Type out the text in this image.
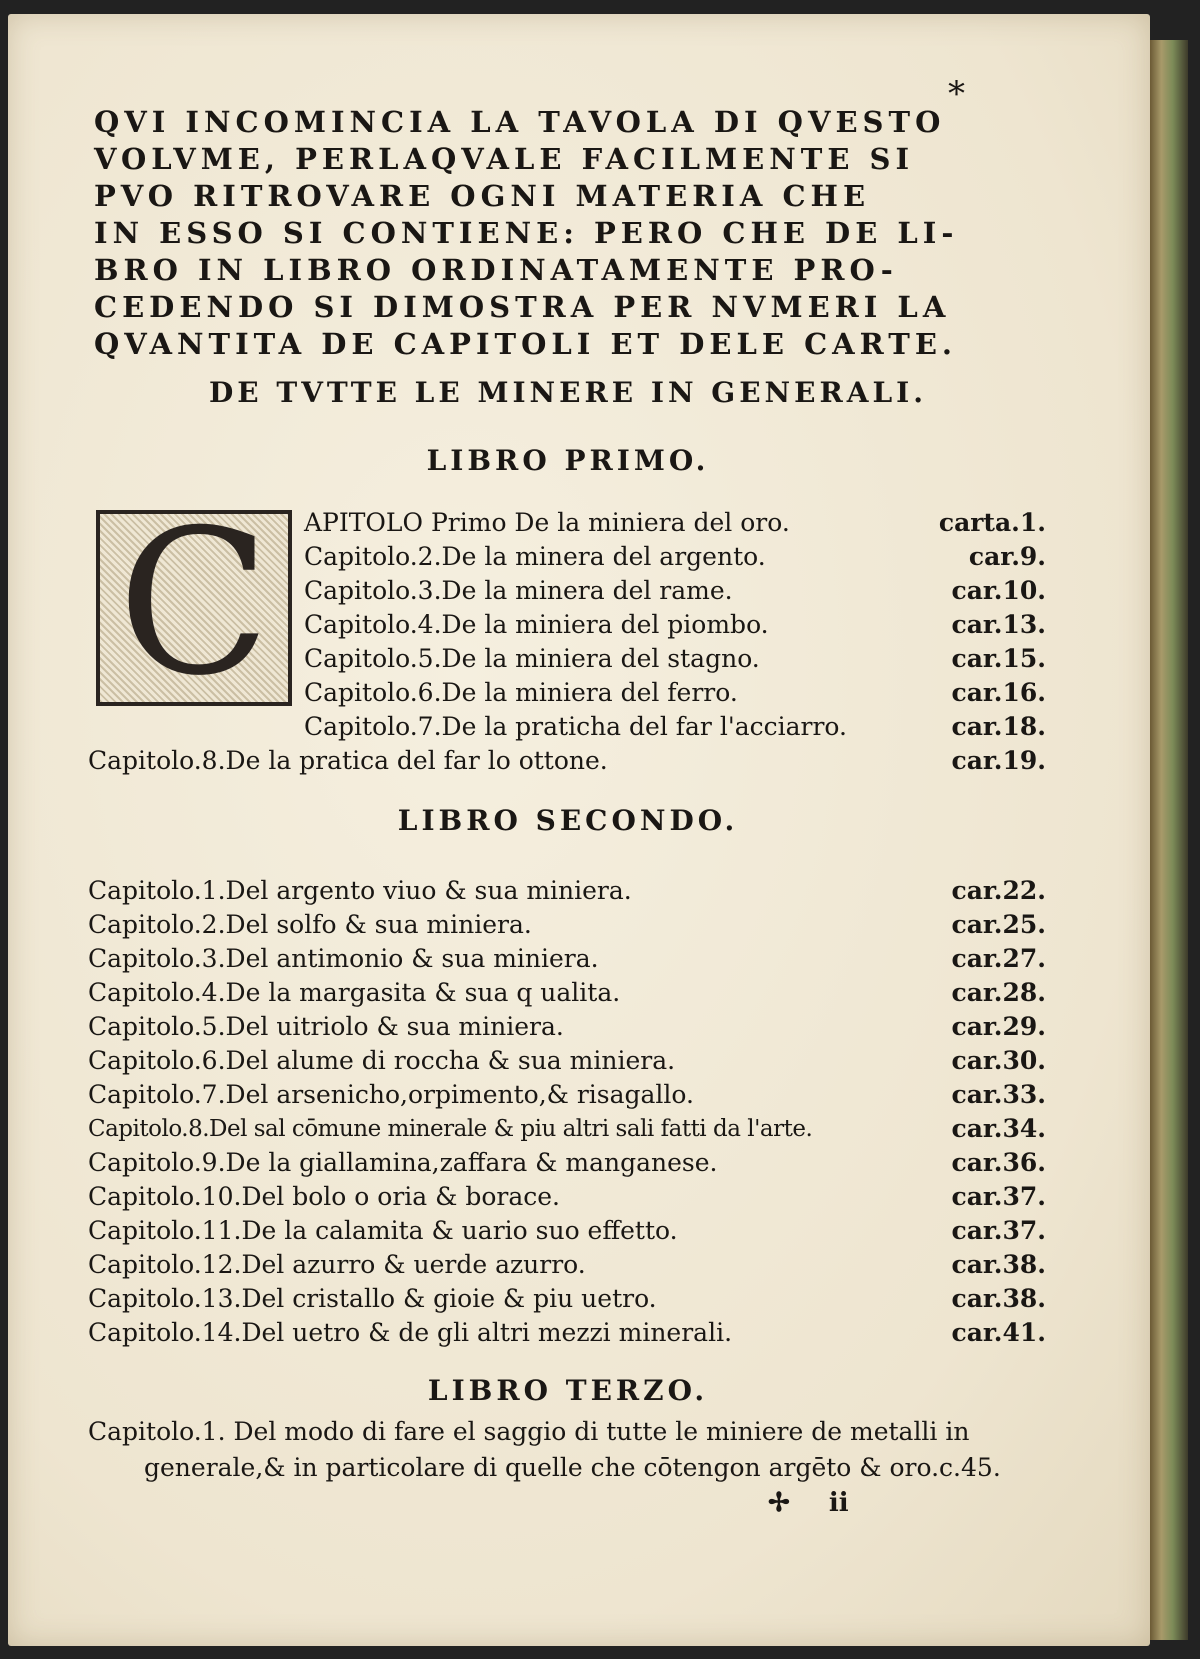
*
QVI INCOMINCIA LA TAVOLA DI QVESTO
VOLVME, PERLAQVALE FACILMENTE SI
PVO RITROVARE OGNI MATERIA CHE
IN ESSO SI CONTIENE: PERO CHE DE LI-
BRO IN LIBRO ORDINATAMENTE PRO-
CEDENDO SI DIMOSTRA PER NVMERI LA
QVANTITA DE CAPITOLI ET DELE CARTE.
DE TVTTE LE MINERE IN GENERALI.
LIBRO PRIMO.
C	APITOLO Primo De la miniera del oro.	carta.1.
Capitolo.2.De la minera del argento.	car.9.
Capitolo.3.De la minera del rame.	car.10.
Capitolo.4.De la miniera del piombo.	car.13.
Capitolo.5.De la miniera del stagno.	car.15.
Capitolo.6.De la miniera del ferro.	car.16.
Capitolo.7.De la praticha del far l'acciarro.	car.18.
Capitolo.8.De la pratica del far lo ottone.	car.19.
LIBRO SECONDO.
Capitolo.1.Del argento viuo & sua miniera.	car.22.
Capitolo.2.Del solfo & sua miniera.	car.25.
Capitolo.3.Del antimonio & sua miniera.	car.27.
Capitolo.4.De la margasita & sua q ualita.	car.28.
Capitolo.5.Del uitriolo & sua miniera.	car.29.
Capitolo.6.Del alume di roccha & sua miniera.	car.30.
Capitolo.7.Del arsenicho,orpimento,& risagallo.	car.33.
Capitolo.8.Del sal cōmune minerale & piu altri sali fatti da l'arte.	car.34.
Capitolo.9.De la giallamina,zaffara & manganese.	car.36.
Capitolo.10.Del bolo o oria & borace.	car.37.
Capitolo.11.De la calamita & uario suo effetto.	car.37.
Capitolo.12.Del azurro & uerde azurro.	car.38.
Capitolo.13.Del cristallo & gioie & piu uetro.	car.38.
Capitolo.14.Del uetro & de gli altri mezzi minerali.	car.41.
LIBRO TERZO.
Capitolo.1. Del modo di fare el saggio di tutte le miniere de metalli in
generale,& in particolare di quelle che cōtengon argēto & oro.c.45.
✢ ii
